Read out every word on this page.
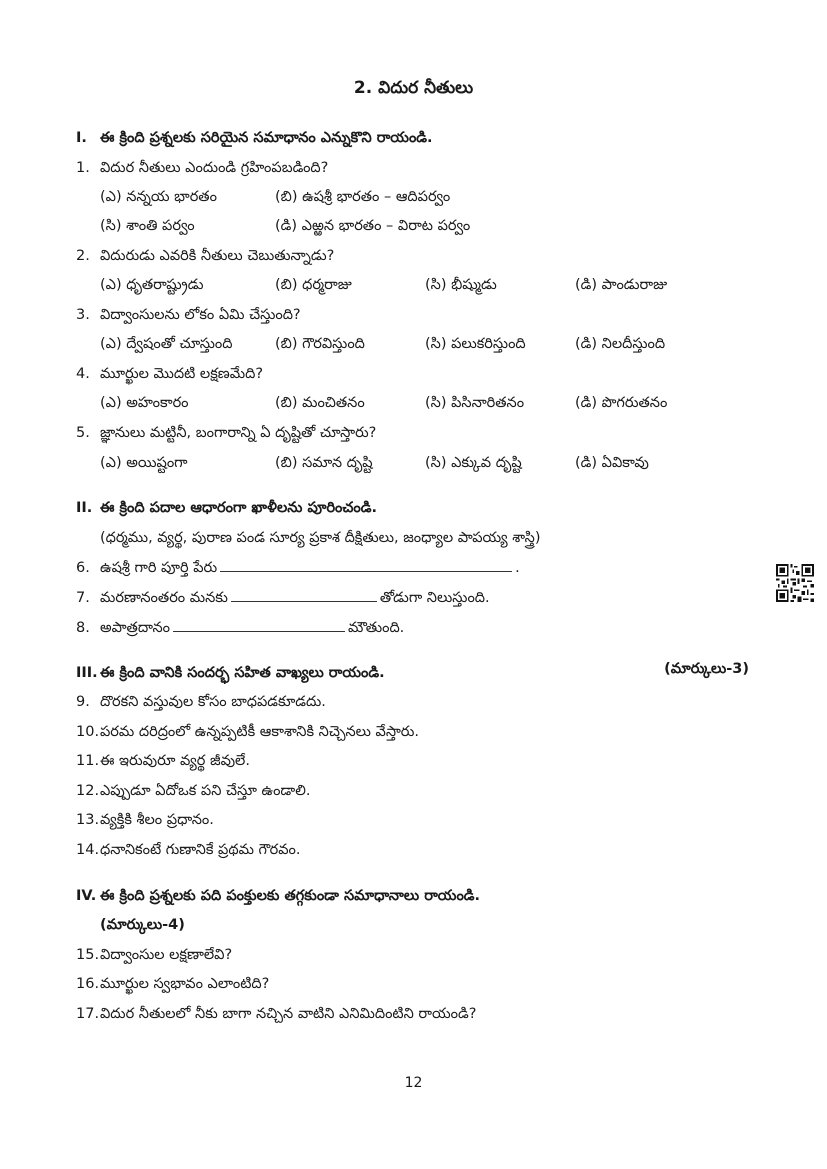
2. విదుర నీతులు
I. ఈ క్రింది ప్రశ్నలకు సరియైన సమాధానం ఎన్నుకొని రాయండి.
1. విదుర నీతులు ఎందుండి గ్రహింపబడింది?
(ఎ) నన్నయ భారతం	(బి) ఉషశ్రీ భారతం – ఆదిపర్వం
(సి) శాంతి పర్వం	(డి) ఎఱ్ఱన భారతం – విరాట పర్వం
2. విదురుడు ఎవరికి నీతులు చెబుతున్నాడు?
(ఎ) ధృతరాష్ట్రుడు	(బి) ధర్మరాజు	(సి) భీష్ముడు	(డి) పాండురాజు
3. విద్వాంసులను లోకం ఏమి చేస్తుంది?
(ఎ) ద్వేషంతో చూస్తుంది	(బి) గౌరవిస్తుంది	(సి) పలుకరిస్తుంది	(డి) నిలదీస్తుంది
4. మూర్ఖుల మొదటి లక్షణమేది?
(ఎ) అహంకారం	(బి) మంచితనం	(సి) పిసినారితనం	(డి) పొగరుతనం
5. జ్ఞానులు మట్టినీ, బంగారాన్ని ఏ దృష్టితో చూస్తారు?
(ఎ) అయిష్టంగా	(బి) సమాన దృష్టి	(సి) ఎక్కువ దృష్టి	(డి) ఏవికావు
II. ఈ క్రింది పదాల ఆధారంగా ఖాళీలను పూరించండి.
(ధర్మము, వ్యర్థ, పురాణ పండ సూర్య ప్రకాశ దీక్షితులు, జంధ్యాల పాపయ్య శాస్త్రి)
6. ఉషశ్రీ గారి పూర్తి పేరు	.
7. మరణానంతరం మనకు	తోడుగా నిలుస్తుంది.
8. అపాత్రదానం	మౌతుంది.
III. ఈ క్రింది వానికి సందర్భ సహిత వాఖ్యలు రాయండి.	(మార్కులు-3)
9. దొరకని వస్తువుల కోసం బాధపడకూడదు.
10.పరమ దరిద్రంలో ఉన్నప్పటికీ ఆకాశానికి నిచ్చెనలు వేస్తారు.
11.ఈ ఇరువురూ వ్యర్థ జీవులే.
12.ఎప్పుడూ ఏదోఒక పని చేస్తూ ఉండాలి.
13.వ్యక్తికి శీలం ప్రధానం.
14.ధనానికంటే గుణానికే ప్రథమ గౌరవం.
IV. ఈ క్రింది ప్రశ్నలకు పది పంక్తులకు తగ్గకుండా సమాధానాలు రాయండి.
(మార్కులు-4)
15.విద్వాంసుల లక్షణాలేవి?
16.మూర్ఖుల స్వభావం ఎలాంటిది?
17.విదుర నీతులలో నీకు బాగా నచ్చిన వాటిని ఎనిమిదింటిని రాయండి?
12
